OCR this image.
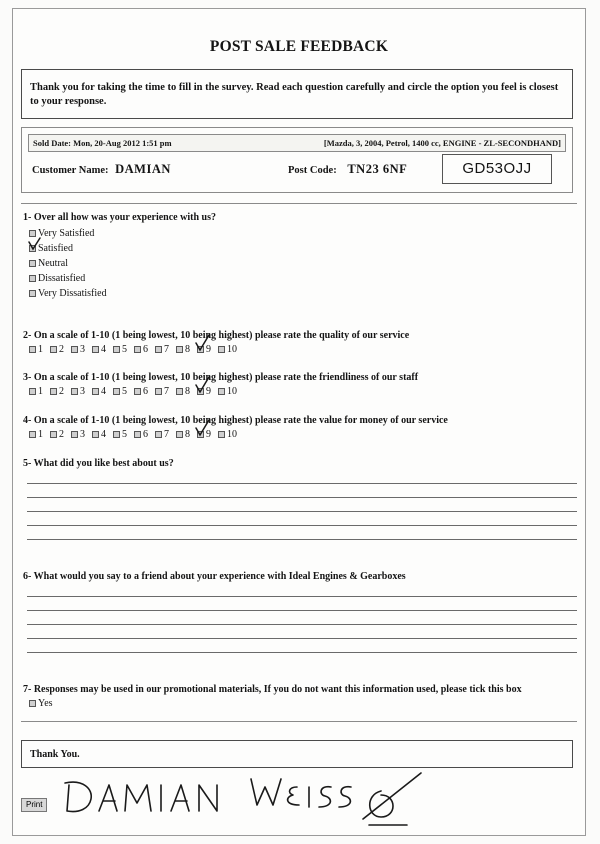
POST SALE FEEDBACK
Thank you for taking the time to fill in the survey. Read each question carefully and circle the option you feel is closest to your response.
Sold Date: Mon, 20-Aug 2012 1:51 pm	[Mazda, 3, 2004, Petrol, 1400 cc, ENGINE - ZL-SECONDHAND]
Customer Name: DAMIAN	Post Code: TN23 6NF	GD53OJJ
1- Over all how was your experience with us?
Very Satisfied
Satisfied
Neutral
Dissatisfied
Very Dissatisfied
2- On a scale of 1-10 (1 being lowest, 10 being highest) please rate the quality of our service
1 2 3 4 5 6 7 8 9 10
3- On a scale of 1-10 (1 being lowest, 10 being highest) please rate the friendliness of our staff
1 2 3 4 5 6 7 8 9 10
4- On a scale of 1-10 (1 being lowest, 10 being highest) please rate the value for money of our service
1 2 3 4 5 6 7 8 9 10
5- What did you like best about us?
6- What would you say to a friend about your experience with Ideal Engines & Gearboxes
7- Responses may be used in our promotional materials, If you do not want this information used, please tick this box
Yes
Thank You.
Print
